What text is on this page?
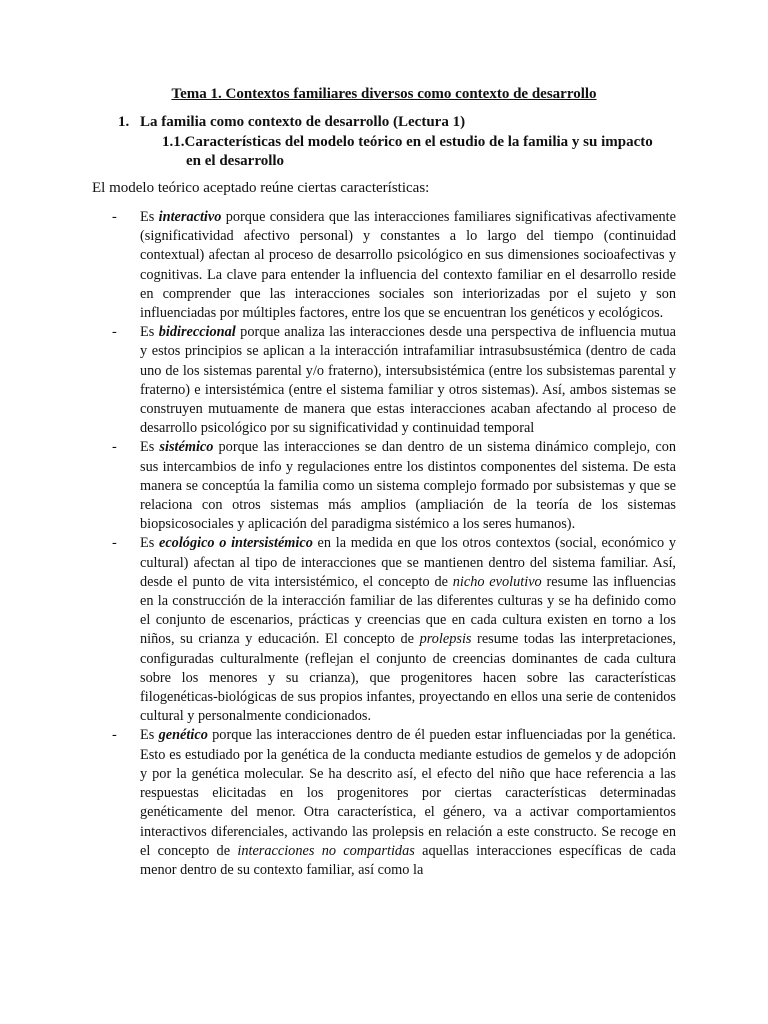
Tema 1. Contextos familiares diversos como contexto de desarrollo

1. La familia como contexto de desarrollo (Lectura 1)

1.1.Características del modelo teórico en el estudio de la familia y su impacto
en el desarrollo

El modelo teórico aceptado reúne ciertas características:

-	Es interactivo porque considera que las interacciones familiares significativas afectivamente (significatividad afectivo personal) y constantes a lo largo del tiempo (continuidad contextual) afectan al proceso de desarrollo psicológico en sus dimensiones socioafectivas y cognitivas. La clave para entender la influencia del contexto familiar en el desarrollo reside en comprender que las interacciones sociales son interiorizadas por el sujeto y son influenciadas por múltiples factores, entre los que se encuentran los genéticos y ecológicos.
-	Es bidireccional porque analiza las interacciones desde una perspectiva de influencia mutua y estos principios se aplican a la interacción intrafamiliar intrasubsustémica (dentro de cada uno de los sistemas parental y/o fraterno), intersubsistémica (entre los subsistemas parental y fraterno) e intersistémica (entre el sistema familiar y otros sistemas). Así, ambos sistemas se construyen mutuamente de manera que estas interacciones acaban afectando al proceso de desarrollo psicológico por su significatividad y continuidad temporal
-	Es sistémico porque las interacciones se dan dentro de un sistema dinámico complejo, con sus intercambios de info y regulaciones entre los distintos componentes del sistema. De esta manera se conceptúa la familia como un sistema complejo formado por subsistemas y que se relaciona con otros sistemas más amplios (ampliación de la teoría de los sistemas biopsicosociales y aplicación del paradigma sistémico a los seres humanos).
-	Es ecológico o intersistémico en la medida en que los otros contextos (social, económico y cultural) afectan al tipo de interacciones que se mantienen dentro del sistema familiar. Así, desde el punto de vita intersistémico, el concepto de nicho evolutivo resume las influencias en la construcción de la interacción familiar de las diferentes culturas y se ha definido como el conjunto de escenarios, prácticas y creencias que en cada cultura existen en torno a los niños, su crianza y educación. El concepto de prolepsis resume todas las interpretaciones, configuradas culturalmente (reflejan el conjunto de creencias dominantes de cada cultura sobre los menores y su crianza), que progenitores hacen sobre las características filogenéticas-biológicas de sus propios infantes, proyectando en ellos una serie de contenidos cultural y personalmente condicionados.
-	Es genético porque las interacciones dentro de él pueden estar influenciadas por la genética. Esto es estudiado por la genética de la conducta mediante estudios de gemelos y de adopción y por la genética molecular. Se ha descrito así, el efecto del niño que hace referencia a las respuestas elicitadas en los progenitores por ciertas características determinadas genéticamente del menor. Otra característica, el género, va a activar comportamientos interactivos diferenciales, activando las prolepsis en relación a este constructo. Se recoge en el concepto de interacciones no compartidas aquellas interacciones específicas de cada menor dentro de su contexto familiar, así como la
